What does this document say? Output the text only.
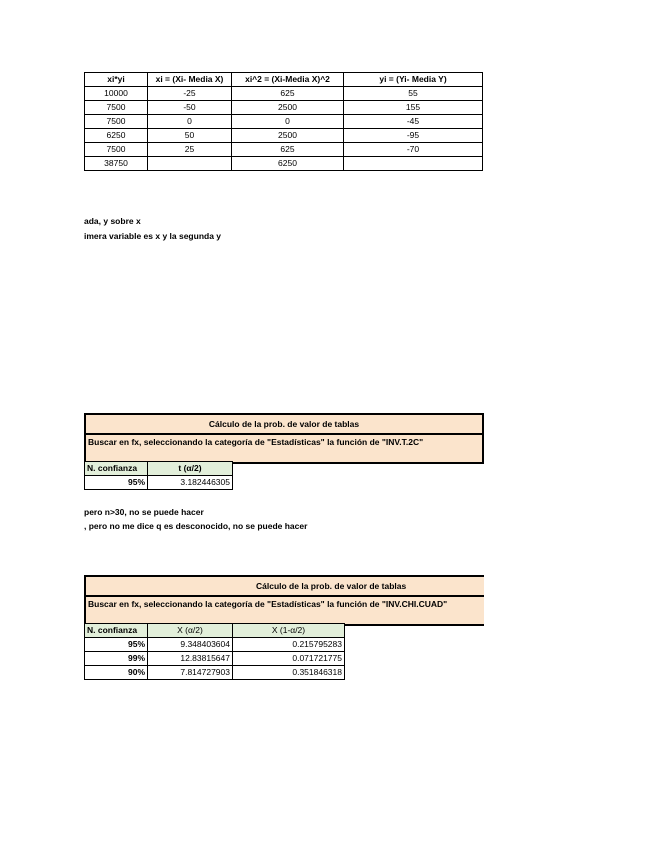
xi*yi	xi = (Xi- Media X)	xi^2 = (Xi-Media X)^2	yi = (Yi- Media Y)
10000	-25	625	55
7500	-50	2500	155
7500	0	0	-45
6250	50	2500	-95
7500	25	625	-70
38750		6250	
ada, y sobre x
imera variable es x y la segunda y
Cálculo de la prob. de valor de tablas
Buscar en fx, seleccionando la categoría de "Estadísticas" la función de "INV.T.2C"
N. confianza	t (α/2)
95%	3.182446305
pero n>30, no se puede hacer
, pero no me dice q es desconocido, no se puede hacer
Cálculo de la prob. de valor de tablas
Buscar en fx, seleccionando la categoría de "Estadísticas" la función de "INV.CHI.CUAD"
N. confianza	X (α/2)	X (1-α/2)
95%	9.348403604	0.215795283
99%	12.83815647	0.071721775
90%	7.814727903	0.351846318
